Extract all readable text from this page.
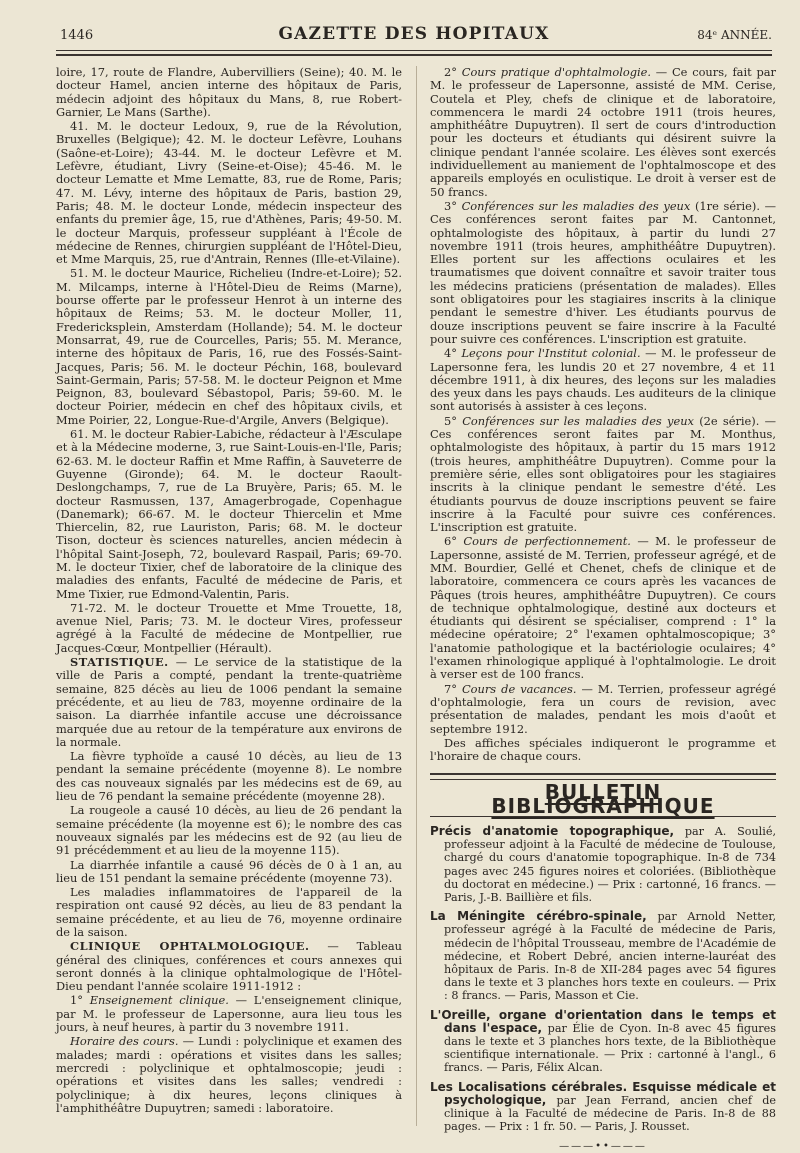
1446	GAZETTE DES HOPITAUX	84ᵉ ANNÉE.

loire, 17, route de Flandre, Aubervilliers (Seine); 40. M. le docteur Hamel, ancien interne des hôpitaux de Paris, médecin adjoint des hôpitaux du Mans, 8, rue Robert-Garnier, Le Mans (Sarthe).

41. M. le docteur Ledoux, 9, rue de la Révolution, Bruxelles (Belgique); 42. M. le docteur Lefèvre, Louhans (Saône-et-Loire); 43-44. M. le docteur Lefèvre et M. Lefèvre, étudiant, Livry (Seine-et-Oise); 45-46. M. le docteur Lematte et Mme Lematte, 83, rue de Rome, Paris; 47. M. Lévy, interne des hôpitaux de Paris, bastion 29, Paris; 48. M. le docteur Londe, médecin inspecteur des enfants du premier âge, 15, rue d'Athènes, Paris; 49-50. M. le docteur Marquis, professeur suppléant à l'École de médecine de Rennes, chirurgien suppléant de l'Hôtel-Dieu, et Mme Marquis, 25, rue d'Antrain, Rennes (Ille-et-Vilaine).

51. M. le docteur Maurice, Richelieu (Indre-et-Loire); 52. M. Milcamps, interne à l'Hôtel-Dieu de Reims (Marne), bourse offerte par le professeur Henrot à un interne des hôpitaux de Reims; 53. M. le docteur Moller, 11, Fredericksplein, Amsterdam (Hollande); 54. M. le docteur Monsarrat, 49, rue de Courcelles, Paris; 55. M. Merance, interne des hôpitaux de Paris, 16, rue des Fossés-Saint-Jacques, Paris; 56. M. le docteur Péchin, 168, boulevard Saint-Germain, Paris; 57-58. M. le docteur Peignon et Mme Peignon, 83, boulevard Sébastopol, Paris; 59-60. M. le docteur Poirier, médecin en chef des hôpitaux civils, et Mme Poirier, 22, Longue-Rue-d'Argile, Anvers (Belgique).

61. M. le docteur Rabier-Labiche, rédacteur à l'Æsculape et à la Médecine moderne, 3, rue Saint-Louis-en-l'Ile, Paris; 62-63. M. le docteur Raffin et Mme Raffin, à Sauveterre de Guyenne (Gironde); 64. M. le docteur Raoult-Deslongchamps, 7, rue de La Bruyère, Paris; 65. M. le docteur Rasmussen, 137, Amagerbrogade, Copenhague (Danemark); 66-67. M. le docteur Thiercelin et Mme Thiercelin, 82, rue Lauriston, Paris; 68. M. le docteur Tison, docteur ès sciences naturelles, ancien médecin à l'hôpital Saint-Joseph, 72, boulevard Raspail, Paris; 69-70. M. le docteur Tixier, chef de laboratoire de la clinique des maladies des enfants, Faculté de médecine de Paris, et Mme Tixier, rue Edmond-Valentin, Paris.

71-72. M. le docteur Trouette et Mme Trouette, 18, avenue Niel, Paris; 73. M. le docteur Vires, professeur agrégé à la Faculté de médecine de Montpellier, rue Jacques-Cœur, Montpellier (Hérault).

STATISTIQUE. — Le service de la statistique de la ville de Paris a compté, pendant la trente-quatrième semaine, 825 décès au lieu de 1006 pendant la semaine précédente, et au lieu de 783, moyenne ordinaire de la saison. La diarrhée infantile accuse une décroissance marquée due au retour de la température aux environs de la normale.

La fièvre typhoïde a causé 10 décès, au lieu de 13 pendant la semaine précédente (moyenne 8). Le nombre des cas nouveaux signalés par les médecins est de 69, au lieu de 76 pendant la semaine précédente (moyenne 28).

La rougeole a causé 10 décès, au lieu de 26 pendant la semaine précédente (la moyenne est 6); le nombre des cas nouveaux signalés par les médecins est de 92 (au lieu de 91 précédemment et au lieu de la moyenne 115).

La diarrhée infantile a causé 96 décès de 0 à 1 an, au lieu de 151 pendant la semaine précédente (moyenne 73).

Les maladies inflammatoires de l'appareil de la respiration ont causé 92 décès, au lieu de 83 pendant la semaine précédente, et au lieu de 76, moyenne ordinaire de la saison.

CLINIQUE OPHTALMOLOGIQUE. — Tableau général des cliniques, conférences et cours annexes qui seront donnés à la clinique ophtalmologique de l'Hôtel-Dieu pendant l'année scolaire 1911-1912 :

1° Enseignement clinique. — L'enseignement clinique, par M. le professeur de Lapersonne, aura lieu tous les jours, à neuf heures, à partir du 3 novembre 1911.

Horaire des cours. — Lundi : polyclinique et examen des malades; mardi : opérations et visites dans les salles; mercredi : polyclinique et ophtalmoscopie; jeudi : opérations et visites dans les salles; vendredi : polyclinique; à dix heures, leçons cliniques à l'amphithéâtre Dupuytren; samedi : laboratoire.

2° Cours pratique d'ophtalmologie. — Ce cours, fait par M. le professeur de Lapersonne, assisté de MM. Cerise, Coutela et Pley, chefs de clinique et de laboratoire, commencera le mardi 24 octobre 1911 (trois heures, amphithéâtre Dupuytren). Il sert de cours d'introduction pour les docteurs et étudiants qui désirent suivre la clinique pendant l'année scolaire. Les élèves sont exercés individuellement au maniement de l'ophtalmoscope et des appareils employés en oculistique. Le droit à verser est de 50 francs.

3° Conférences sur les maladies des yeux (1re série). — Ces conférences seront faites par M. Cantonnet, ophtalmologiste des hôpitaux, à partir du lundi 27 novembre 1911 (trois heures, amphithéâtre Dupuytren). Elles portent sur les affections oculaires et les traumatismes que doivent connaître et savoir traiter tous les médecins praticiens (présentation de malades). Elles sont obligatoires pour les stagiaires inscrits à la clinique pendant le semestre d'hiver. Les étudiants pourvus de douze inscriptions peuvent se faire inscrire à la Faculté pour suivre ces conférences. L'inscription est gratuite.

4° Leçons pour l'Institut colonial. — M. le professeur de Lapersonne fera, les lundis 20 et 27 novembre, 4 et 11 décembre 1911, à dix heures, des leçons sur les maladies des yeux dans les pays chauds. Les auditeurs de la clinique sont autorisés à assister à ces leçons.

5° Conférences sur les maladies des yeux (2e série). — Ces conférences seront faites par M. Monthus, ophtalmologiste des hôpitaux, à partir du 15 mars 1912 (trois heures, amphithéâtre Dupuytren). Comme pour la première série, elles sont obligatoires pour les stagiaires inscrits à la clinique pendant le semestre d'été. Les étudiants pourvus de douze inscriptions peuvent se faire inscrire à la Faculté pour suivre ces conférences. L'inscription est gratuite.

6° Cours de perfectionnement. — M. le professeur de Lapersonne, assisté de M. Terrien, professeur agrégé, et de MM. Bourdier, Gellé et Chenet, chefs de clinique et de laboratoire, commencera ce cours après les vacances de Pâques (trois heures, amphithéâtre Dupuytren). Ce cours de technique ophtalmologique, destiné aux docteurs et étudiants qui désirent se spécialiser, comprend : 1° la médecine opératoire; 2° l'examen ophtalmoscopique; 3° l'anatomie pathologique et la bactériologie oculaires; 4° l'examen rhinologique appliqué à l'ophtalmologie. Le droit à verser est de 100 francs.

7° Cours de vacances. — M. Terrien, professeur agrégé d'ophtalmologie, fera un cours de revision, avec présentation de malades, pendant les mois d'août et septembre 1912.

Des affiches spéciales indiqueront le programme et l'horaire de chaque cours.

BULLETIN BIBLIOGRAPHIQUE
Précis d'anatomie topographique, par A. Soulié, professeur adjoint à la Faculté de médecine de Toulouse, chargé du cours d'anatomie topographique. In-8 de 734 pages avec 245 figures noires et coloriées. (Bibliothèque du doctorat en médecine.) — Prix : cartonné, 16 francs. — Paris, J.-B. Baillière et fils.
La Méningite cérébro-spinale, par Arnold Netter, professeur agrégé à la Faculté de médecine de Paris, médecin de l'hôpital Trousseau, membre de l'Académie de médecine, et Robert Debré, ancien interne-lauréat des hôpitaux de Paris. In-8 de XII-284 pages avec 54 figures dans le texte et 3 planches hors texte en couleurs. — Prix : 8 francs. — Paris, Masson et Cie.
L'Oreille, organe d'orientation dans le temps et dans l'espace, par Élie de Cyon. In-8 avec 45 figures dans le texte et 3 planches hors texte, de la Bibliothèque scientifique internationale. — Prix : cartonné à l'angl., 6 francs. — Paris, Félix Alcan.
Les Localisations cérébrales. Esquisse médicale et psychologique, par Jean Ferrand, ancien chef de clinique à la Faculté de médecine de Paris. In-8 de 88 pages. — Prix : 1 fr. 50. — Paris, J. Rousset.
———••———
